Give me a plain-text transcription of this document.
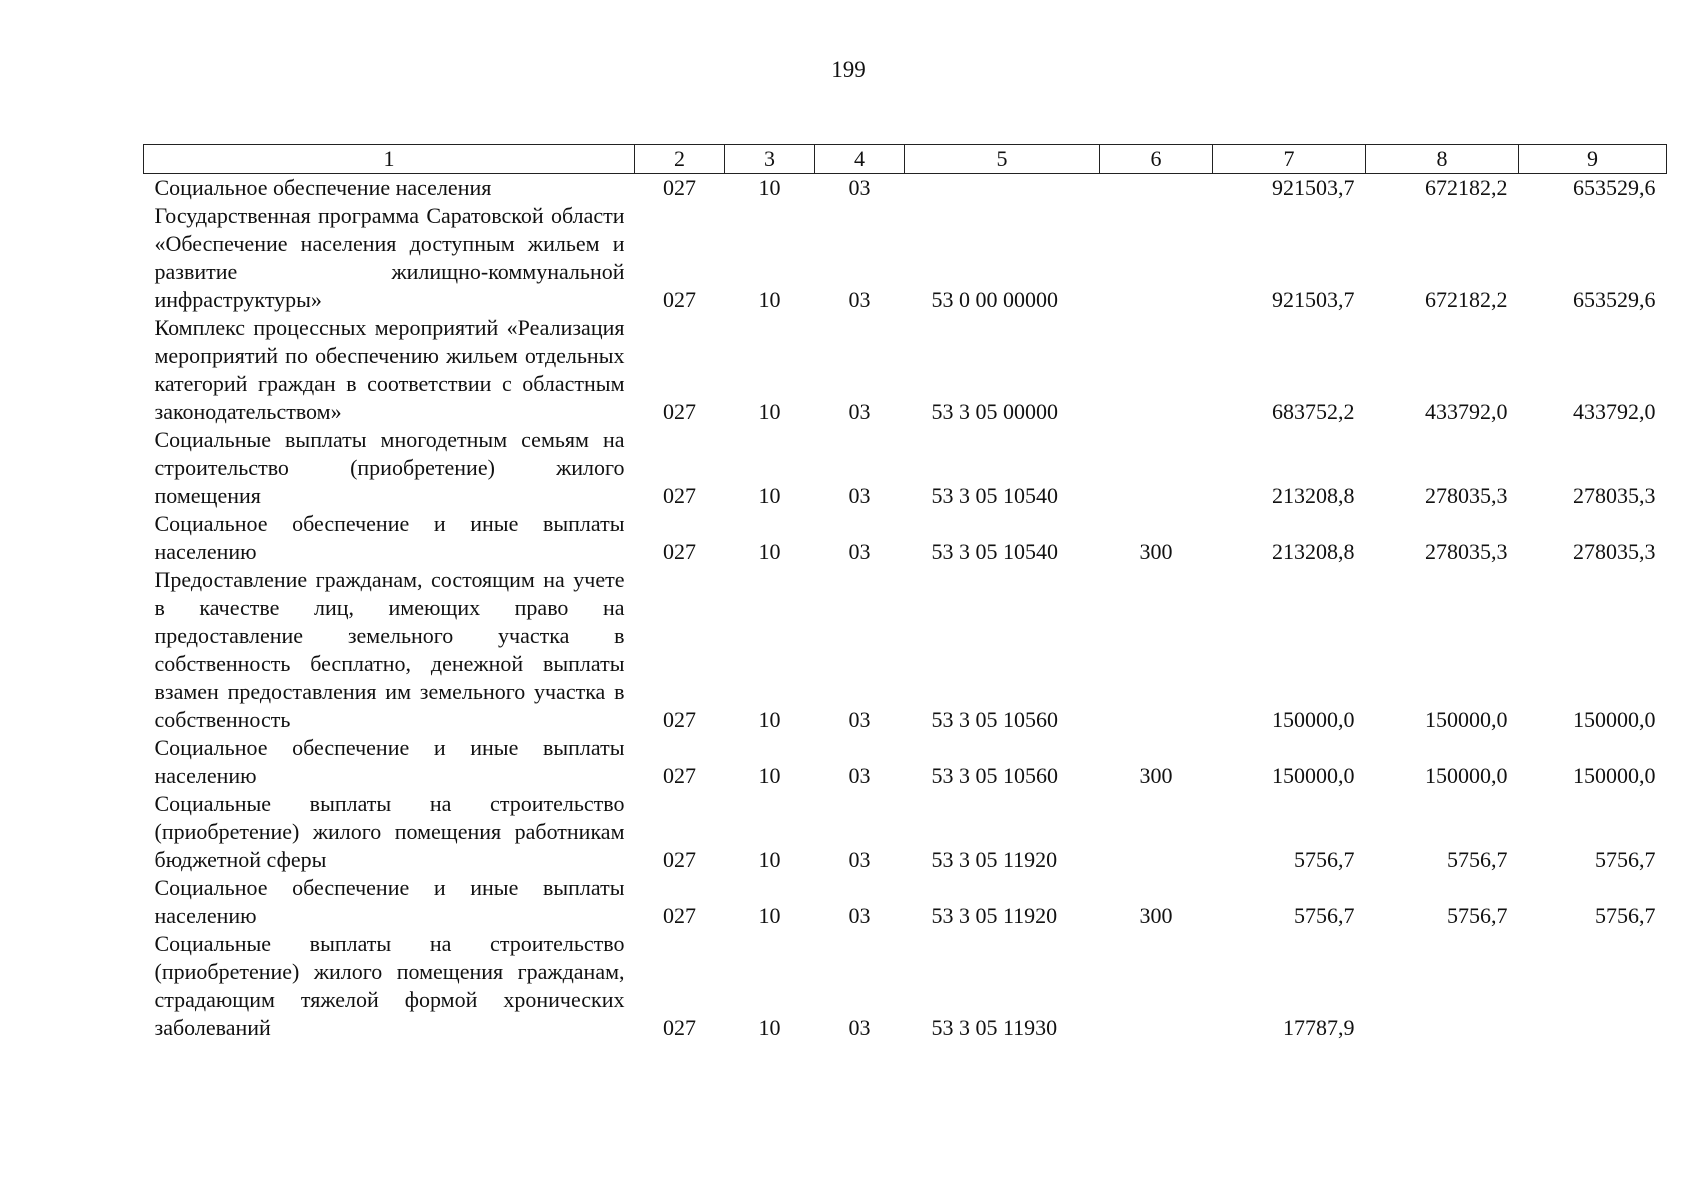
199
1	2	3	4	5	6	7	8	9
Социальное обеспечение населения	027	10	03			921503,7	672182,2	653529,6
Государственная программа Саратовской области «Обеспечение населения доступным жильем и развитие жилищно-коммунальной инфраструктуры»	027	10	03	53 0 00 00000		921503,7	672182,2	653529,6
Комплекс процессных мероприятий «Реализация мероприятий по обеспечению жильем отдельных категорий граждан в соответствии с областным законодательством»	027	10	03	53 3 05 00000		683752,2	433792,0	433792,0
Социальные выплаты многодетным семьям на строительство (приобретение) жилого помещения	027	10	03	53 3 05 10540		213208,8	278035,3	278035,3
Социальное обеспечение и иные выплаты населению	027	10	03	53 3 05 10540	300	213208,8	278035,3	278035,3
Предоставление гражданам, состоящим на учете в качестве лиц, имеющих право на предоставление земельного участка в собственность бесплатно, денежной выплаты взамен предоставления им земельного участка в собственность	027	10	03	53 3 05 10560		150000,0	150000,0	150000,0
Социальное обеспечение и иные выплаты населению	027	10	03	53 3 05 10560	300	150000,0	150000,0	150000,0
Социальные выплаты на строительство (приобретение) жилого помещения работникам бюджетной сферы	027	10	03	53 3 05 11920		5756,7	5756,7	5756,7
Социальное обеспечение и иные выплаты населению	027	10	03	53 3 05 11920	300	5756,7	5756,7	5756,7
Социальные выплаты на строительство (приобретение) жилого помещения гражданам, страдающим тяжелой формой хронических заболеваний	027	10	03	53 3 05 11930		17787,9		
